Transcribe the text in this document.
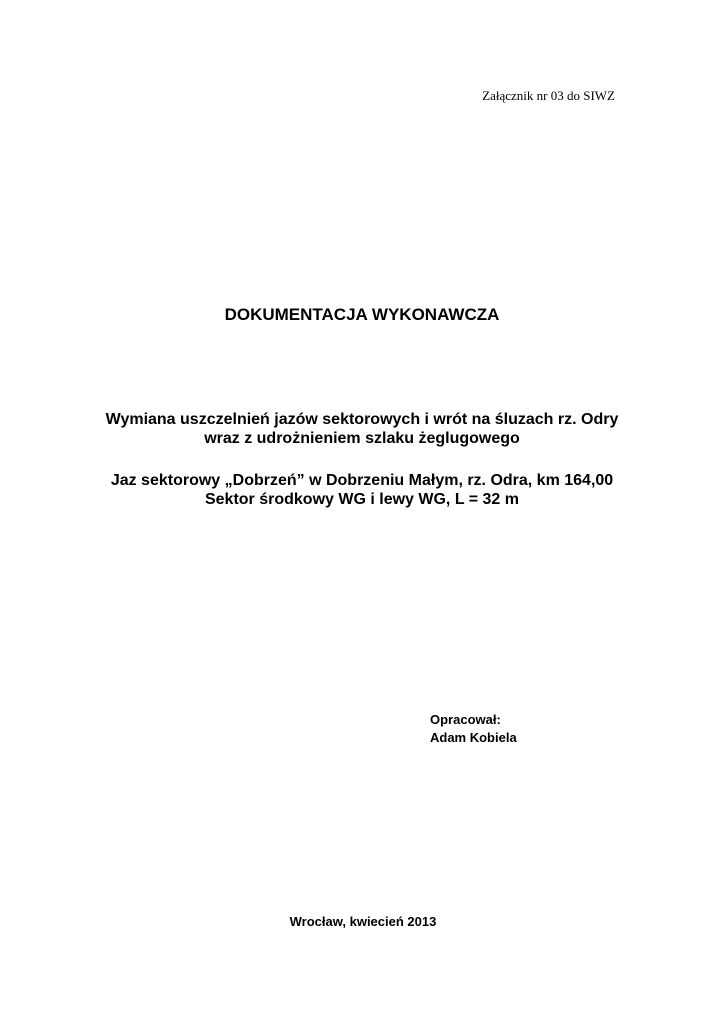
Załącznik nr 03 do SIWZ
DOKUMENTACJA WYKONAWCZA
Wymiana uszczelnień jazów sektorowych i wrót na śluzach rz. Odry
wraz z udrożnieniem szlaku żeglugowego
Jaz sektorowy „Dobrzeń” w Dobrzeniu Małym, rz. Odra, km 164,00
Sektor środkowy WG i lewy WG, L = 32 m
Opracował:
Adam Kobiela
Wrocław, kwiecień 2013
